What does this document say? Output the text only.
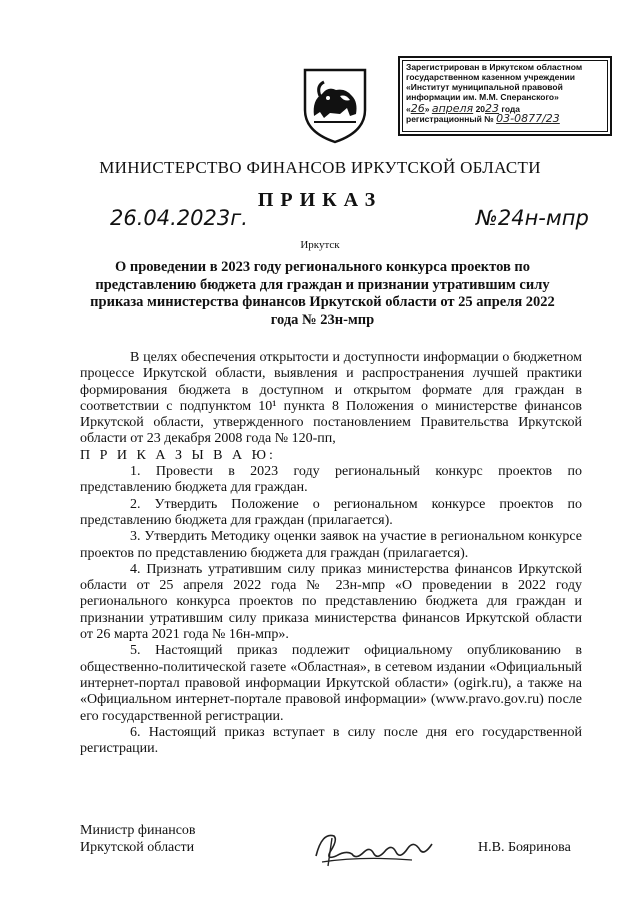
Зарегистрирован в Иркутском областном
государственном казенном учреждении
«Институт муниципальной правовой
информации им. М.М. Сперанского»
«26» апреля 2023 года
регистрационный № 03-0877/23
МИНИСТЕРСТВО ФИНАНСОВ ИРКУТСКОЙ ОБЛАСТИ
ПРИКАЗ
26.04.2023г.	№24н-мпр
Иркутск
О проведении в 2023 году регионального конкурса проектов по представлению бюджета для граждан и признании утратившим силу приказа министерства финансов Иркутской области от 25 апреля 2022 года № 23н-мпр

В целях обеспечения открытости и доступности информации о бюджетном процессе Иркутской области, выявления и распространения лучшей практики формирования бюджета в доступном и открытом формате для граждан в соответствии с подпунктом 10¹ пункта 8 Положения о министерстве финансов Иркутской области, утвержденного постановлением Правительства Иркутской области от 23 декабря 2008 года № 120-пп,

П Р И К А З Ы В А Ю:

1. Провести в 2023 году региональный конкурс проектов по представлению бюджета для граждан.

2. Утвердить Положение о региональном конкурсе проектов по представлению бюджета для граждан (прилагается).

3. Утвердить Методику оценки заявок на участие в региональном конкурсе проектов по представлению бюджета для граждан (прилагается).

4. Признать утратившим силу приказ министерства финансов Иркутской области от 25 апреля 2022 года № 23н-мпр «О проведении в 2022 году регионального конкурса проектов по представлению бюджета для граждан и признании утратившим силу приказа министерства финансов Иркутской области от 26 марта 2021 года № 16н-мпр».

5. Настоящий приказ подлежит официальному опубликованию в общественно-политической газете «Областная», в сетевом издании «Официальный интернет-портал правовой информации Иркутской области» (ogirk.ru), а также на «Официальном интернет-портале правовой информации» (www.pravo.gov.ru) после его государственной регистрации.

6. Настоящий приказ вступает в силу после дня его государственной регистрации.

Министр финансов
Иркутской области	Н.В. Бояринова
